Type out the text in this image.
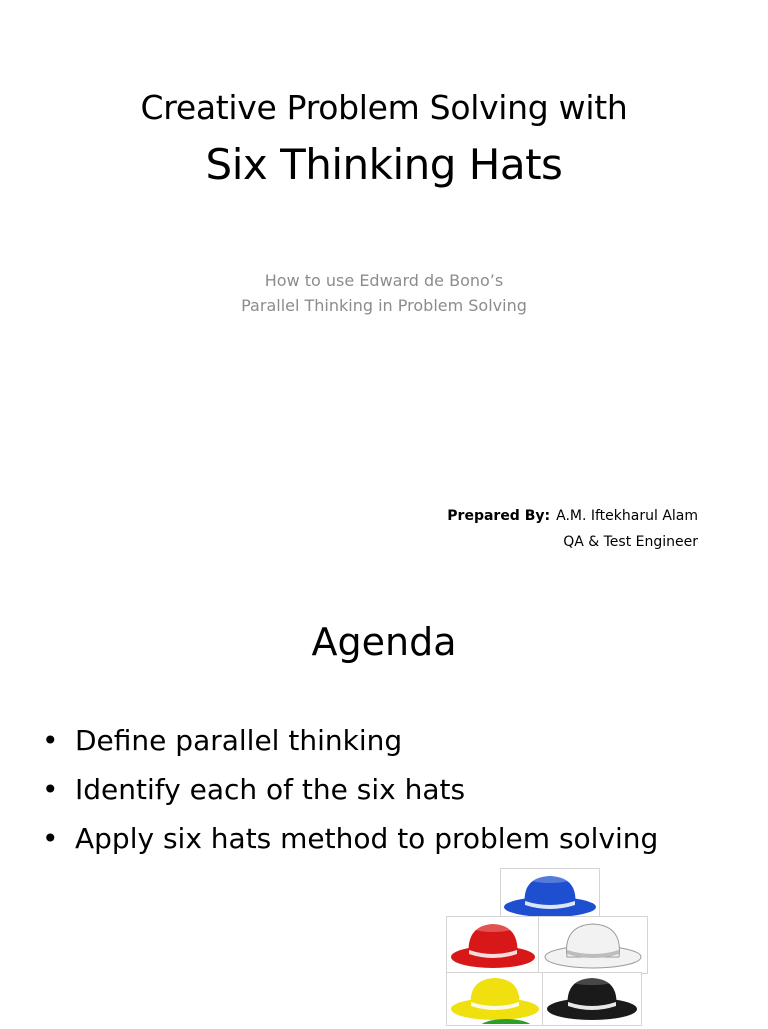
Creative Problem Solving with
Six Thinking Hats
How to use Edward de Bono’s
Parallel Thinking in Problem Solving
Prepared By: A.M. Iftekharul Alam
QA & Test Engineer
Agenda
• Define parallel thinking
• Identify each of the six hats
• Apply six hats method to problem solving
